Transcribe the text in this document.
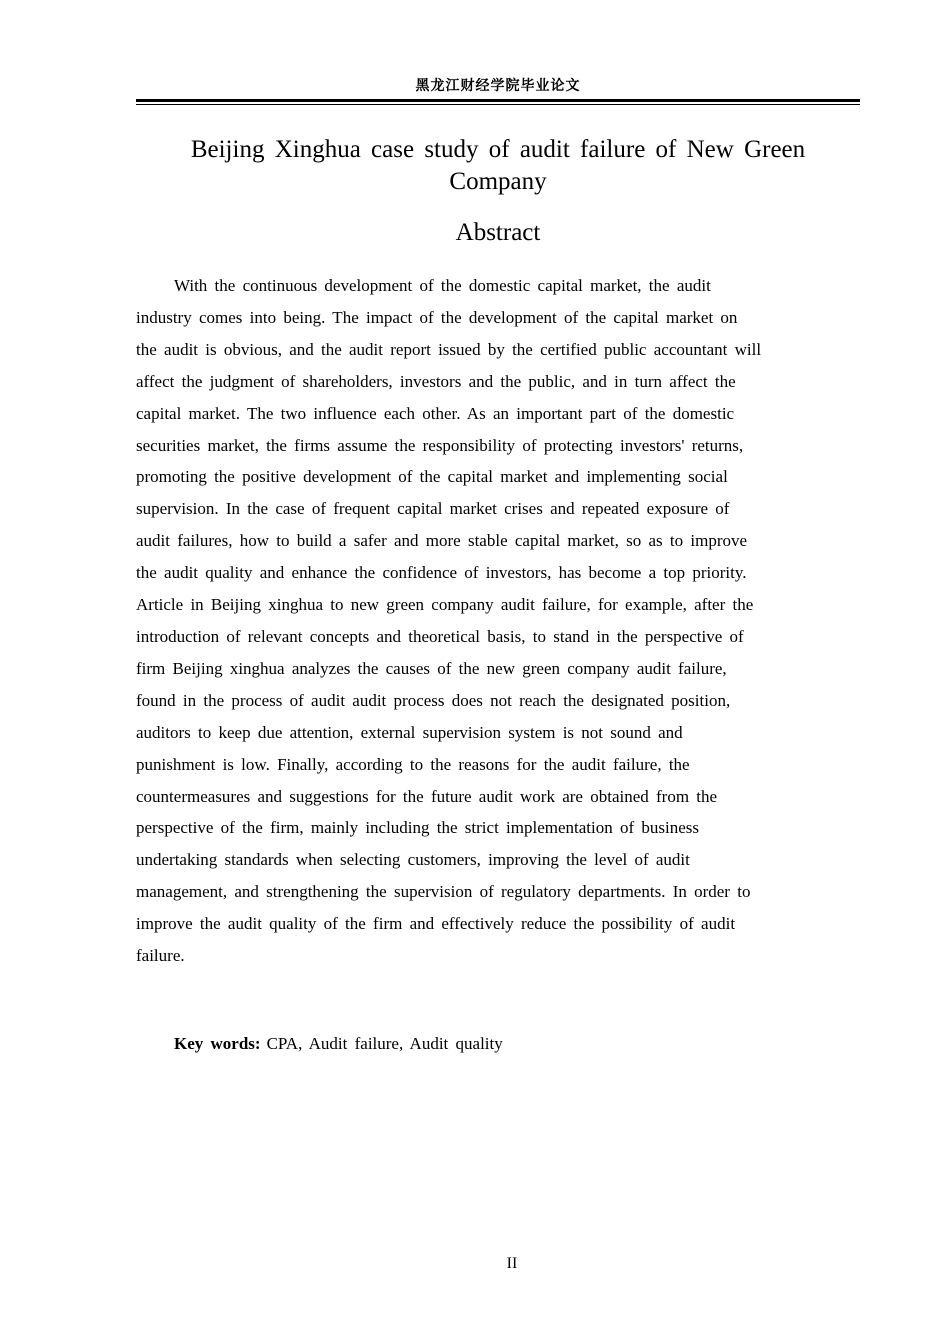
黑龙江财经学院毕业论文
Beijing Xinghua case study of audit failure of New Green
Company
Abstract

With the continuous development of the domestic capital market, the audit
industry comes into being. The impact of the development of the capital market on
the audit is obvious, and the audit report issued by the certified public accountant will
affect the judgment of shareholders, investors and the public, and in turn affect the
capital market. The two influence each other. As an important part of the domestic
securities market, the firms assume the responsibility of protecting investors' returns,
promoting the positive development of the capital market and implementing social
supervision. In the case of frequent capital market crises and repeated exposure of
audit failures, how to build a safer and more stable capital market, so as to improve
the audit quality and enhance the confidence of investors, has become a top priority.
Article in Beijing xinghua to new green company audit failure, for example, after the
introduction of relevant concepts and theoretical basis, to stand in the perspective of
firm Beijing xinghua analyzes the causes of the new green company audit failure,
found in the process of audit audit process does not reach the designated position,
auditors to keep due attention, external supervision system is not sound and
punishment is low. Finally, according to the reasons for the audit failure, the
countermeasures and suggestions for the future audit work are obtained from the
perspective of the firm, mainly including the strict implementation of business
undertaking standards when selecting customers, improving the level of audit
management, and strengthening the supervision of regulatory departments. In order to
improve the audit quality of the firm and effectively reduce the possibility of audit
failure.

Key words: CPA, Audit failure, Audit quality

II
